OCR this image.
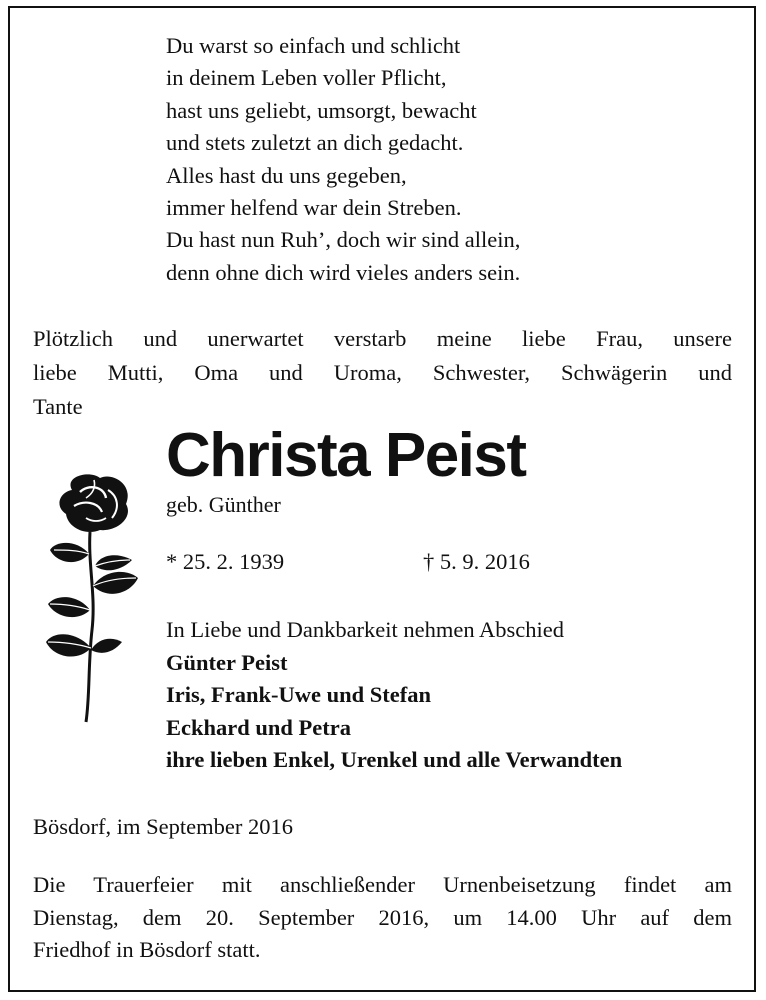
Du warst so einfach und schlicht
in deinem Leben voller Pflicht,
hast uns geliebt, umsorgt, bewacht
und stets zuletzt an dich gedacht.
Alles hast du uns gegeben,
immer helfend war dein Streben.
Du hast nun Ruh’, doch wir sind allein,
denn ohne dich wird vieles anders sein.
Plötzlich und unerwartet verstarb meine liebe Frau, unsere
liebe Mutti, Oma und Uroma, Schwester, Schwägerin und
Tante
Christa Peist
geb. Günther
* 25. 2. 1939	† 5. 9. 2016
In Liebe und Dankbarkeit nehmen Abschied
Günter Peist
Iris, Frank-Uwe und Stefan
Eckhard und Petra
ihre lieben Enkel, Urenkel und alle Verwandten
Bösdorf, im September 2016
Die Trauerfeier mit anschließender Urnenbeisetzung findet am
Dienstag, dem 20. September 2016, um 14.00 Uhr auf dem
Friedhof in Bösdorf statt.
